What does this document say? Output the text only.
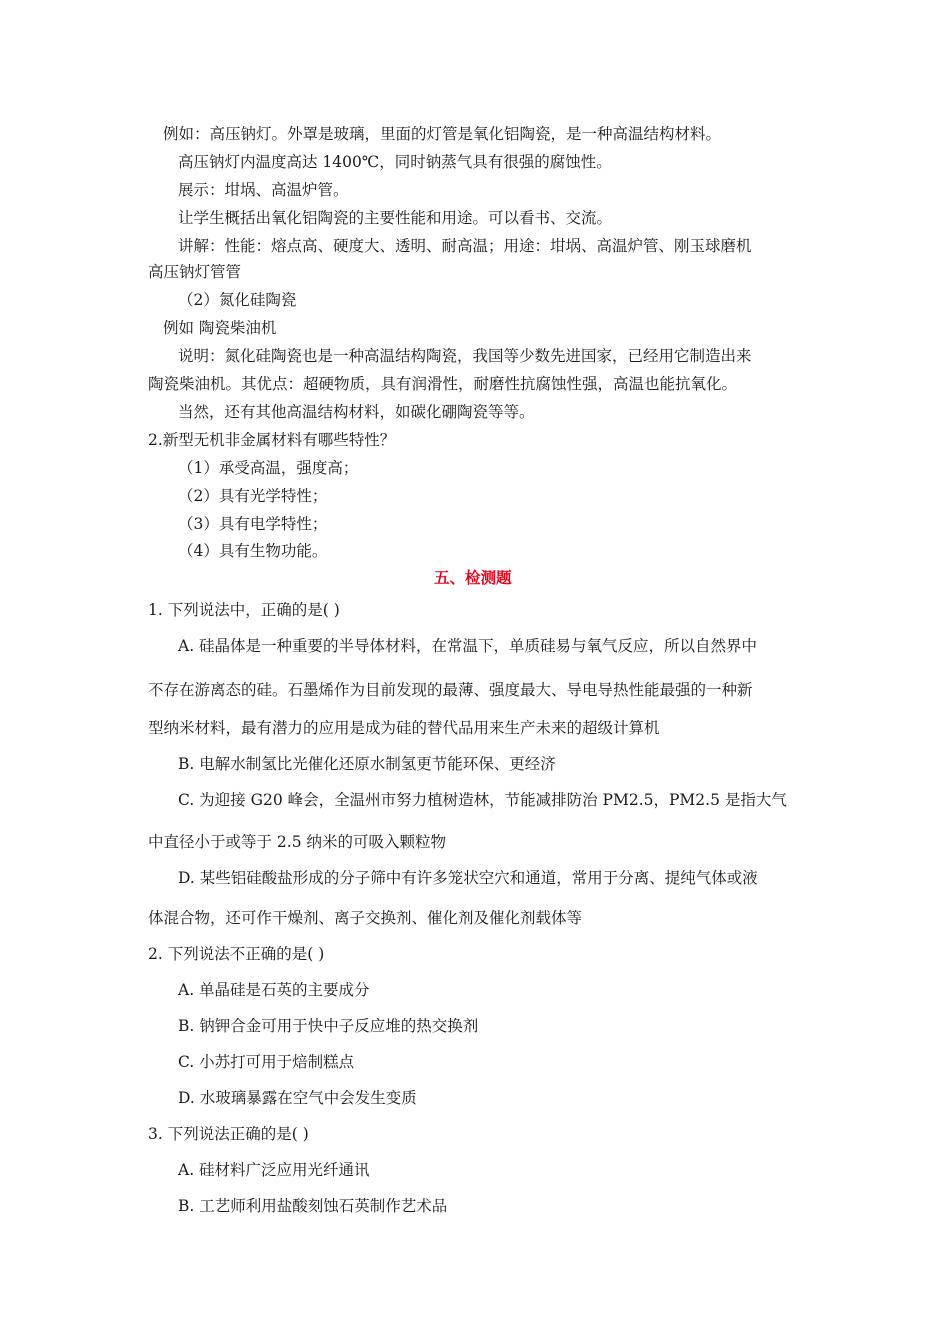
例如：高压钠灯。外罩是玻璃，里面的灯管是氧化铝陶瓷，是一种高温结构材料。
高压钠灯内温度高达 1400℃，同时钠蒸气具有很强的腐蚀性。
展示：坩埚、高温炉管。
让学生概括出氧化铝陶瓷的主要性能和用途。可以看书、交流。
讲解：性能：熔点高、硬度大、透明、耐高温；用途：坩埚、高温炉管、刚玉球磨机
高压钠灯管管
（2）氮化硅陶瓷
例如 陶瓷柴油机
说明：氮化硅陶瓷也是一种高温结构陶瓷，我国等少数先进国家，已经用它制造出来
陶瓷柴油机。其优点：超硬物质，具有润滑性，耐磨性抗腐蚀性强，高温也能抗氧化。
当然，还有其他高温结构材料，如碳化硼陶瓷等等。
2.新型无机非金属材料有哪些特性？
（1）承受高温，强度高；
（2）具有光学特性；
（3）具有电学特性；
（4）具有生物功能。
五、检测题
1. 下列说法中，正确的是( )
A. 硅晶体是一种重要的半导体材料，在常温下，单质硅易与氧气反应，所以自然界中
不存在游离态的硅。石墨烯作为目前发现的最薄、强度最大、导电导热性能最强的一种新
型纳米材料，最有潜力的应用是成为硅的替代品用来生产未来的超级计算机
B. 电解水制氢比光催化还原水制氢更节能环保、更经济
C. 为迎接 G20 峰会，全温州市努力植树造林，节能减排防治 PM2.5，PM2.5 是指大气
中直径小于或等于 2.5 纳米的可吸入颗粒物
D. 某些铝硅酸盐形成的分子筛中有许多笼状空穴和通道，常用于分离、提纯气体或液
体混合物，还可作干燥剂、离子交换剂、催化剂及催化剂载体等
2. 下列说法不正确的是( )
A. 单晶硅是石英的主要成分
B. 钠钾合金可用于快中子反应堆的热交换剂
C. 小苏打可用于焙制糕点
D. 水玻璃暴露在空气中会发生变质
3. 下列说法正确的是( )
A. 硅材料广泛应用光纤通讯
B. 工艺师利用盐酸刻蚀石英制作艺术品
